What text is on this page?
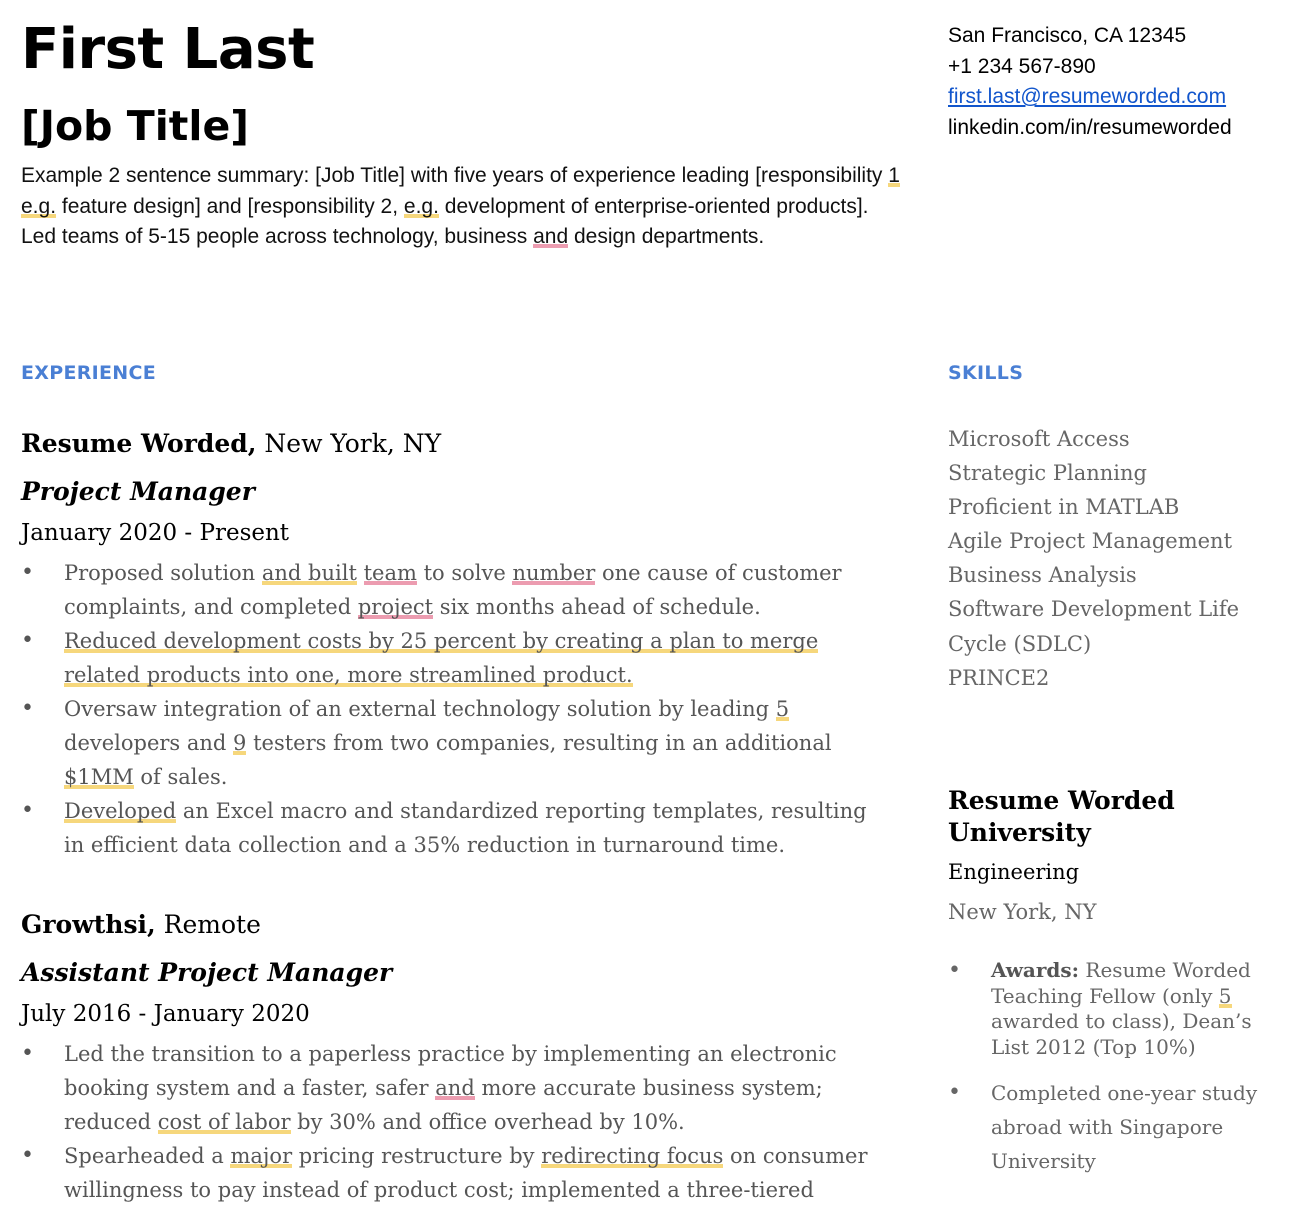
First Last
[Job Title]
Example 2 sentence summary: [Job Title] with five years of experience leading [responsibility 1 e.g. feature design] and [responsibility 2, e.g. development of enterprise-oriented products]. Led teams of 5-15 people across technology, business and design departments.
San Francisco, CA 12345
+1 234 567-890
first.last@resumeworded.com
linkedin.com/in/resumeworded
EXPERIENCE
Resume Worded, New York, NY
Project Manager
January 2020 - Present
• Proposed solution and built team to solve number one cause of customer complaints, and completed project six months ahead of schedule.
• Reduced development costs by 25 percent by creating a plan to merge related products into one, more streamlined product.
• Oversaw integration of an external technology solution by leading 5 developers and 9 testers from two companies, resulting in an additional $1MM of sales.
• Developed an Excel macro and standardized reporting templates, resulting in efficient data collection and a 35% reduction in turnaround time.
Growthsi, Remote
Assistant Project Manager
July 2016 - January 2020
• Led the transition to a paperless practice by implementing an electronic booking system and a faster, safer and more accurate business system; reduced cost of labor by 30% and office overhead by 10%.
• Spearheaded a major pricing restructure by redirecting focus on consumer willingness to pay instead of product cost; implemented a three-tiered
SKILLS
Microsoft Access
Strategic Planning
Proficient in MATLAB
Agile Project Management
Business Analysis
Software Development Life Cycle (SDLC)
PRINCE2
Resume Worded University
Engineering
New York, NY
• Awards: Resume Worded Teaching Fellow (only 5 awarded to class), Dean’s List 2012 (Top 10%)
• Completed one-year study abroad with Singapore University
